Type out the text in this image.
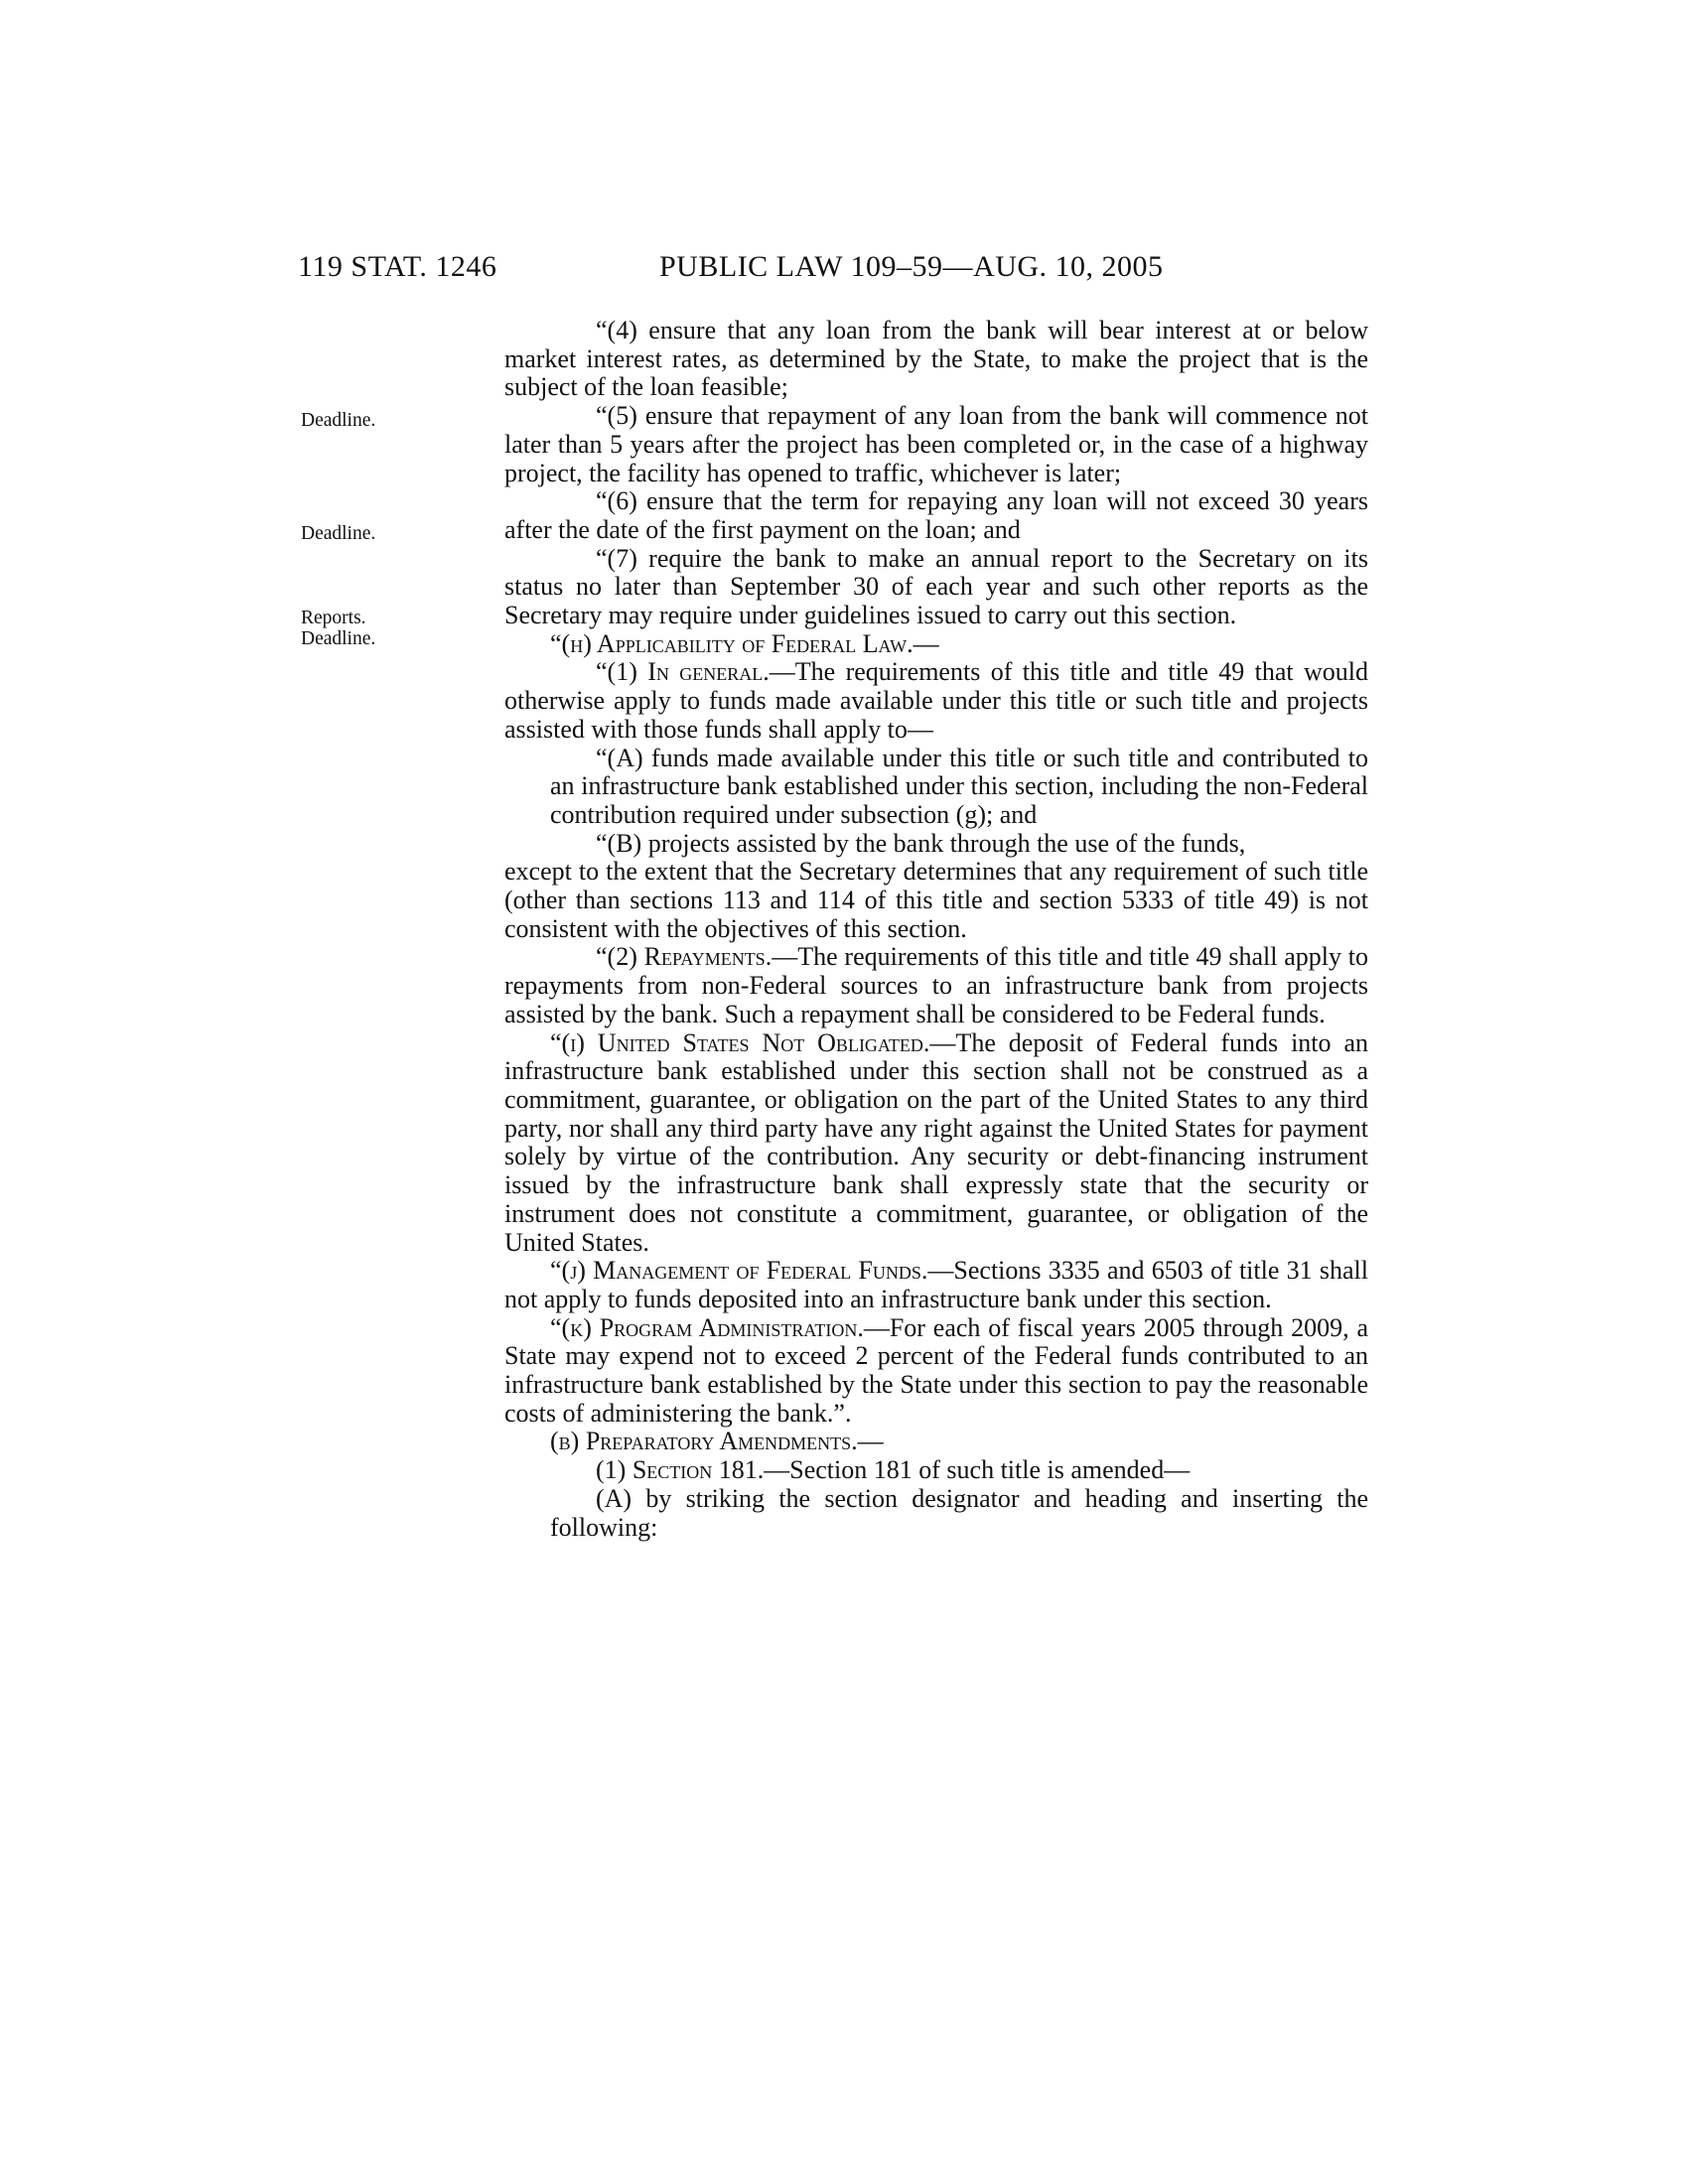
119 STAT. 1246	PUBLIC LAW 109–59—AUG. 10, 2005
Deadline.
Deadline.
Reports.
Deadline.

“(4) ensure that any loan from the bank will bear interest at or below market interest rates, as determined by the State, to make the project that is the subject of the loan feasible;

“(5) ensure that repayment of any loan from the bank will commence not later than 5 years after the project has been completed or, in the case of a highway project, the facility has opened to traffic, whichever is later;

“(6) ensure that the term for repaying any loan will not exceed 30 years after the date of the first payment on the loan; and

“(7) require the bank to make an annual report to the Secretary on its status no later than September 30 of each year and such other reports as the Secretary may require under guidelines issued to carry out this section.

“(h) Applicability of Federal Law.—

“(1) In general.—The requirements of this title and title 49 that would otherwise apply to funds made available under this title or such title and projects assisted with those funds shall apply to—

“(A) funds made available under this title or such title and contributed to an infrastructure bank established under this section, including the non-Federal contribution required under subsection (g); and

“(B) projects assisted by the bank through the use of the funds,

except to the extent that the Secretary determines that any requirement of such title (other than sections 113 and 114 of this title and section 5333 of title 49) is not consistent with the objectives of this section.

“(2) Repayments.—The requirements of this title and title 49 shall apply to repayments from non-Federal sources to an infrastructure bank from projects assisted by the bank. Such a repayment shall be considered to be Federal funds.

“(i) United States Not Obligated.—The deposit of Federal funds into an infrastructure bank established under this section shall not be construed as a commitment, guarantee, or obligation on the part of the United States to any third party, nor shall any third party have any right against the United States for payment solely by virtue of the contribution. Any security or debt-financing instrument issued by the infrastructure bank shall expressly state that the security or instrument does not constitute a commitment, guarantee, or obligation of the United States.

“(j) Management of Federal Funds.—Sections 3335 and 6503 of title 31 shall not apply to funds deposited into an infrastructure bank under this section.

“(k) Program Administration.—For each of fiscal years 2005 through 2009, a State may expend not to exceed 2 percent of the Federal funds contributed to an infrastructure bank established by the State under this section to pay the reasonable costs of administering the bank.”.

(b) Preparatory Amendments.—

(1) Section 181.—Section 181 of such title is amended—

(A) by striking the section designator and heading and inserting the following:
